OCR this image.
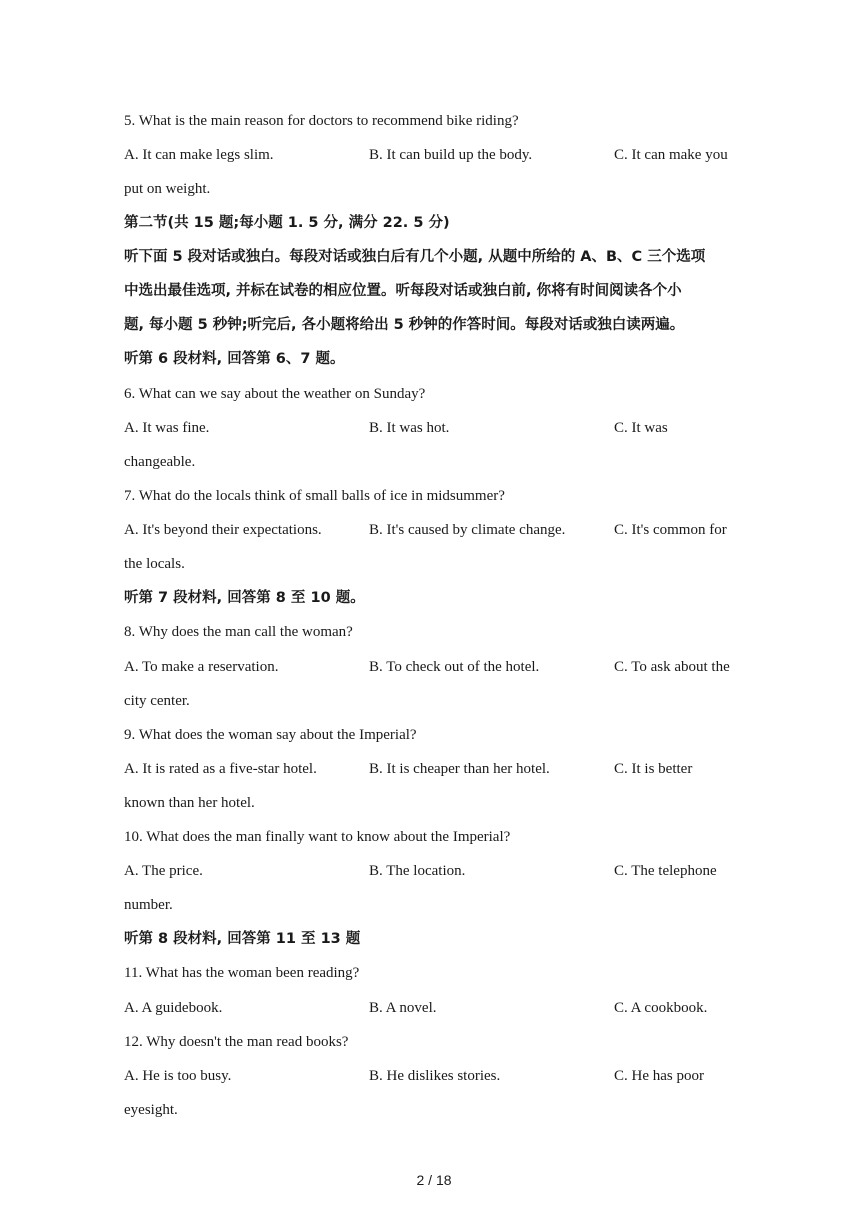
5. What is the main reason for doctors to recommend bike riding?
A. It can make legs slim.	B. It can build up the body.	C. It can make you
put on weight.
第二节(共 15 题;每小题 1. 5 分, 满分 22. 5 分)
听下面 5 段对话或独白。每段对话或独白后有几个小题, 从题中所给的 A、B、C 三个选项
中选出最佳选项, 并标在试卷的相应位置。听每段对话或独白前, 你将有时间阅读各个小
题, 每小题 5 秒钟;听完后, 各小题将给出 5 秒钟的作答时间。每段对话或独白读两遍。
听第 6 段材料, 回答第 6、7 题。
6. What can we say about the weather on Sunday?
A. It was fine.	B. It was hot.	C. It was
changeable.
7. What do the locals think of small balls of ice in midsummer?
A. It's beyond their expectations.	B. It's caused by climate change.	C. It's common for
the locals.
听第 7 段材料, 回答第 8 至 10 题。
8. Why does the man call the woman?
A. To make a reservation.	B. To check out of the hotel.	C. To ask about the
city center.
9. What does the woman say about the Imperial?
A. It is rated as a five-star hotel.	B. It is cheaper than her hotel.	C. It is better
known than her hotel.
10. What does the man finally want to know about the Imperial?
A. The price.	B. The location.	C. The telephone
number.
听第 8 段材料, 回答第 11 至 13 题
11. What has the woman been reading?
A. A guidebook.	B. A novel.	C. A cookbook.
12. Why doesn't the man read books?
A. He is too busy.	B. He dislikes stories.	C. He has poor
eyesight.
2 / 18
